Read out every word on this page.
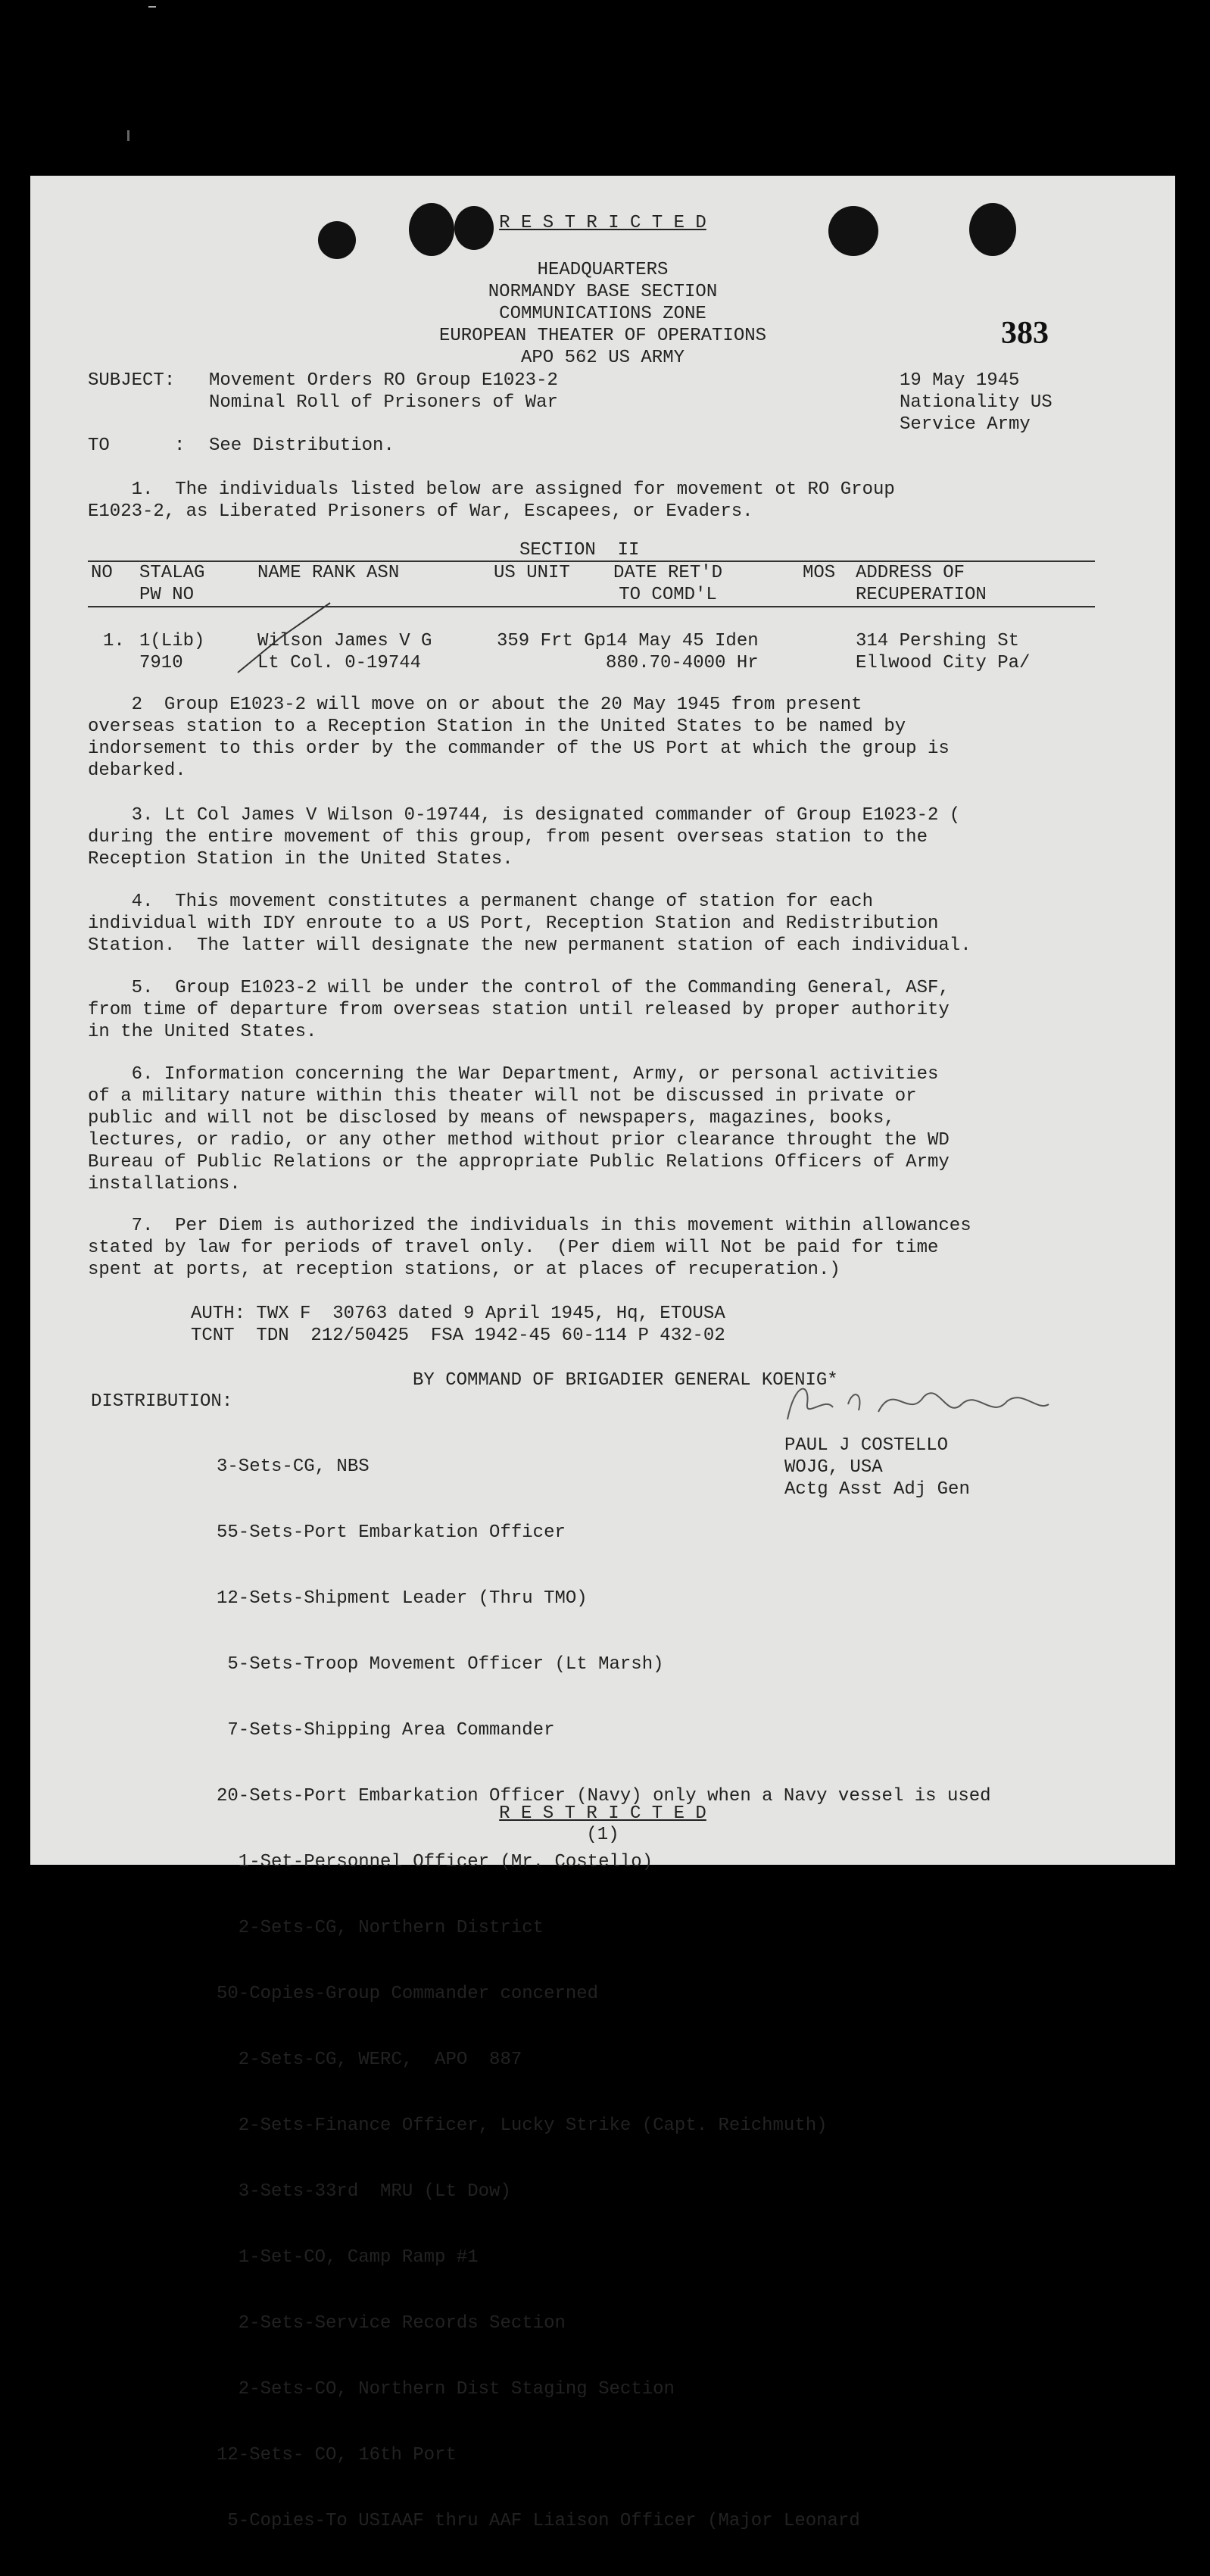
R E S T R I C T E D
HEADQUARTERS
NORMANDY BASE SECTION
COMMUNICATIONS ZONE
EUROPEAN THEATER OF OPERATIONS
APO 562 US ARMY
SUBJECT: Movement Orders RO Group E1023-2
Nominal Roll of Prisoners of War
19 May 1945
Nationality US
Service Army
TO	: See Distribution.
383
1.  The individuals listed below are assigned for movement ot RO Group
E1023-2, as Liberated Prisoners of War, Escapees, or Evaders.
SECTION  II
NO STALAG
PW NO
NAME RANK ASN	US UNIT DATE RET'D
TO COMD'L
MOS ADDRESS OF
RECUPERATION
1. 1(Lib)
7910
Wilson James V G
Lt Col. 0-19744
359 Frt Gp 14 May 45 Iden
880.70-4000 Hr
314 Pershing St
Ellwood City Pa/
2  Group E1023-2 will move on or about the 20 May 1945 from present
overseas station to a Reception Station in the United States to be named by
indorsement to this order by the commander of the US Port at which the group is
debarked.
3. Lt Col James V Wilson 0-19744, is designated commander of Group E1023-2 (
during the entire movement of this group, from pesent overseas station to the
Reception Station in the United States.
4.  This movement constitutes a permanent change of station for each
individual with IDY enroute to a US Port, Reception Station and Redistribution
Station.  The latter will designate the new permanent station of each individual.
5.  Group E1023-2 will be under the control of the Commanding General, ASF,
from time of departure from overseas station until released by proper authority
in the United States.
6. Information concerning the War Department, Army, or personal activities
of a military nature within this theater will not be discussed in private or
public and will not be disclosed by means of newspapers, magazines, books,
lectures, or radio, or any other method without prior clearance throught the WD
Bureau of Public Relations or the appropriate Public Relations Officers of Army
installations.
7.  Per Diem is authorized the individuals in this movement within allowances
stated by law for periods of travel only.  (Per diem will Not be paid for time
spent at ports, at reception stations, or at places of recuperation.)
AUTH: TWX F  30763 dated 9 April 1945, Hq, ETOUSA
TCNT  TDN  212/50425  FSA 1942-45 60-114 P 432-02
BY COMMAND OF BRIGADIER GENERAL KOENIG*
DISTRIBUTION:

3-Sets-CG, NBS

55-Sets-Port Embarkation Officer

12-Sets-Shipment Leader (Thru TMO)

5-Sets-Troop Movement Officer (Lt Marsh)

7-Sets-Shipping Area Commander

20-Sets-Port Embarkation Officer (Navy) only when a Navy vessel is used

1-Set-Personnel Officer (Mr. Costello)

2-Sets-CG, Northern District

50-Copies-Group Commander concerned

2-Sets-CG, WERC,  APO  887

2-Sets-Finance Officer, Lucky Strike (Capt. Reichmuth)

3-Sets-33rd  MRU (Lt Dow)

1-Set-CO, Camp Ramp #1

2-Sets-Service Records Section

2-Sets-CO, Northern Dist Staging Section

12-Sets- CO, 16th Port

5-Copies-To USIAAF thru AAF Liaison Officer (Major Leonard

PAUL J COSTELLO
WOJG, USA
Actg Asst Adj Gen
R E S T R I C T E D
(1)
